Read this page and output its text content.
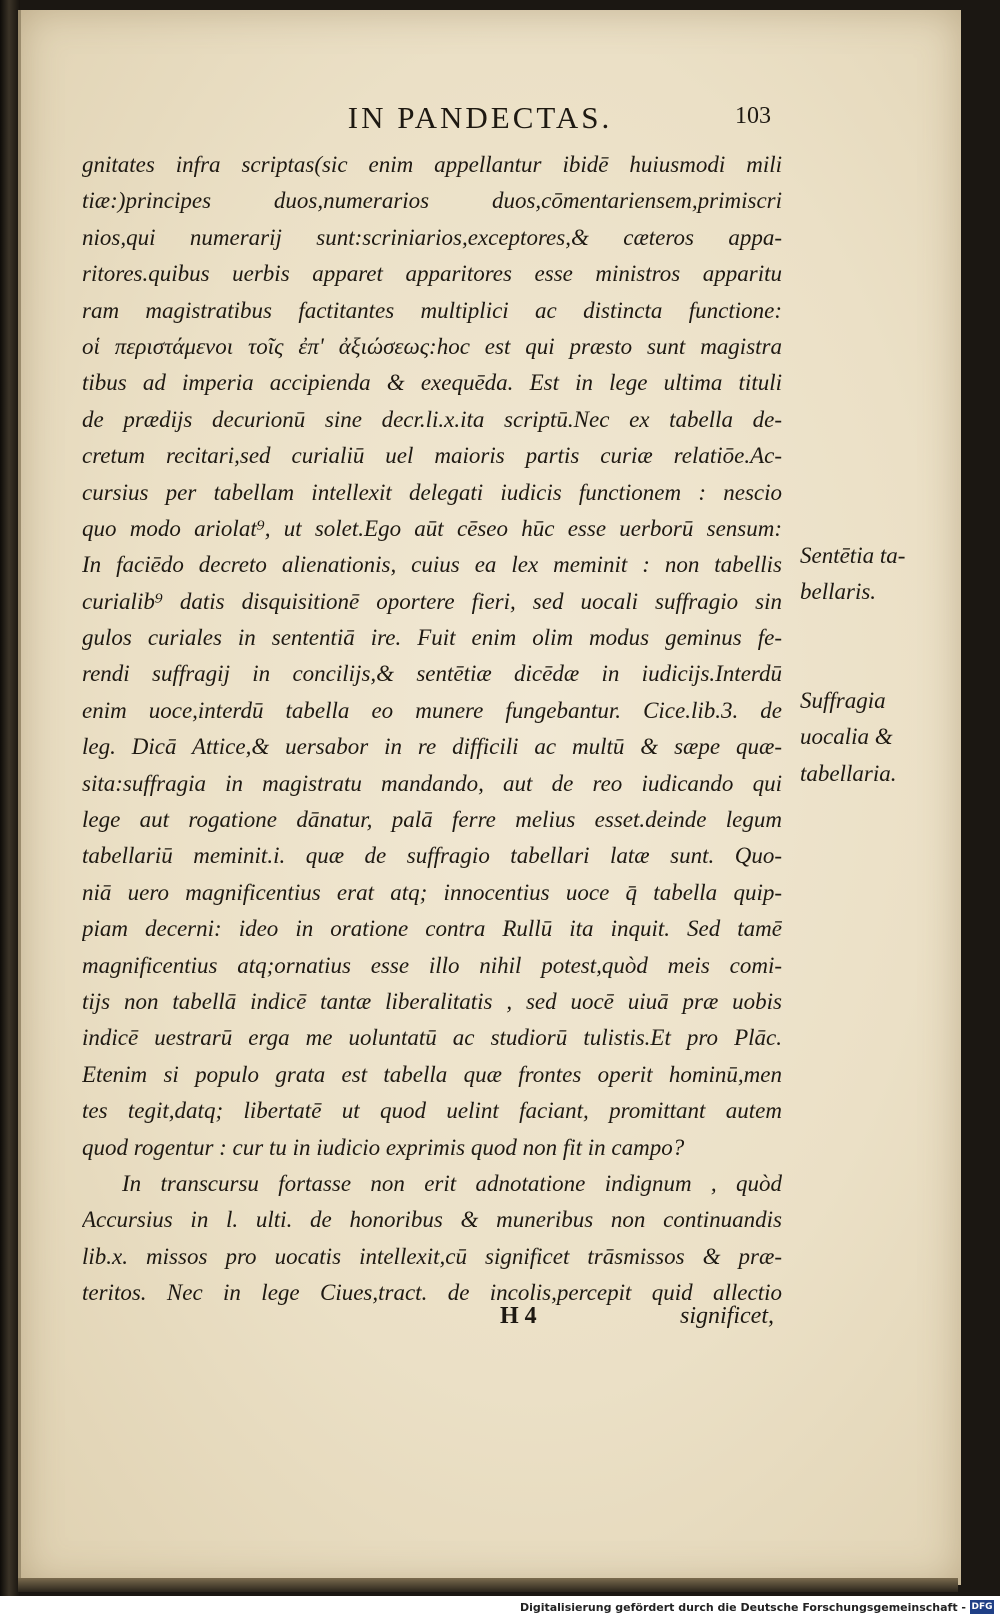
IN PANDECTAS.	103
gnitates infra scriptas(sic enim appellantur ibidē huiusmodi mili
tiæ:)principes duos,numerarios duos,cōmentariensem,primiscri
nios,qui numerarij sunt:scriniarios,exceptores,& cæteros appa-
ritores.quibus uerbis apparet apparitores esse ministros apparitu
ram magistratibus factitantes multiplici ac distincta functione:
οἱ περιστάμενοι τοῖς ἐπ' ἀξιώσεως:hoc est qui præsto sunt magistra
tibus ad imperia accipienda & exequēda. Est in lege ultima tituli
de prædijs decurionū sine decr.li.x.ita scriptū.Nec ex tabella de-
cretum recitari,sed curialiū uel maioris partis curiæ relatiōe.Ac-
cursius per tabellam intellexit delegati iudicis functionem : nescio
quo modo ariolat⁹, ut solet.Ego aūt cēseo hūc esse uerborū sensum:
In faciēdo decreto alienationis, cuius ea lex meminit : non tabellis
curialib⁹ datis disquisitionē oportere fieri, sed uocali suffragio sin
gulos curiales in sententiā ire. Fuit enim olim modus geminus fe-
rendi suffragij in concilijs,& sentētiæ dicēdæ in iudicijs.Interdū
enim uoce,interdū tabella eo munere fungebantur. Cice.lib.3. de
leg. Dicā Attice,& uersabor in re difficili ac multū & sæpe quæ-
sita:suffragia in magistratu mandando, aut de reo iudicando qui
lege aut rogatione dānatur, palā ferre melius esset.deinde legum
tabellariū meminit.i. quæ de suffragio tabellari latæ sunt. Quo-
niā uero magnificentius erat atq; innocentius uoce q̄ tabella quip-
piam decerni: ideo in oratione contra Rullū ita inquit. Sed tamē
magnificentius atq;ornatius esse illo nihil potest,quòd meis comi-
tijs non tabellā indicē tantæ liberalitatis , sed uocē uiuā præ uobis
indicē uestrarū erga me uoluntatū ac studiorū tulistis.Et pro Plāc.
Etenim si populo grata est tabella quæ frontes operit hominū,men
tes tegit,datq; libertatē ut quod uelint faciant, promittant autem
quod rogentur : cur tu in iudicio exprimis quod non fit in campo?
In transcursu fortasse non erit adnotatione indignum , quòd
Accursius in l. ulti. de honoribus & muneribus non continuandis
lib.x. missos pro uocatis intellexit,cū significet trāsmissos & præ-
teritos. Nec in lege Ciues,tract. de incolis,percepit quid allectio
Sentētia ta-
bellaris.
Suffragia
uocalia &
tabellaria.
H 4	significet,
Digitalisierung gefördert durch die Deutsche Forschungsgemeinschaft - DFG
